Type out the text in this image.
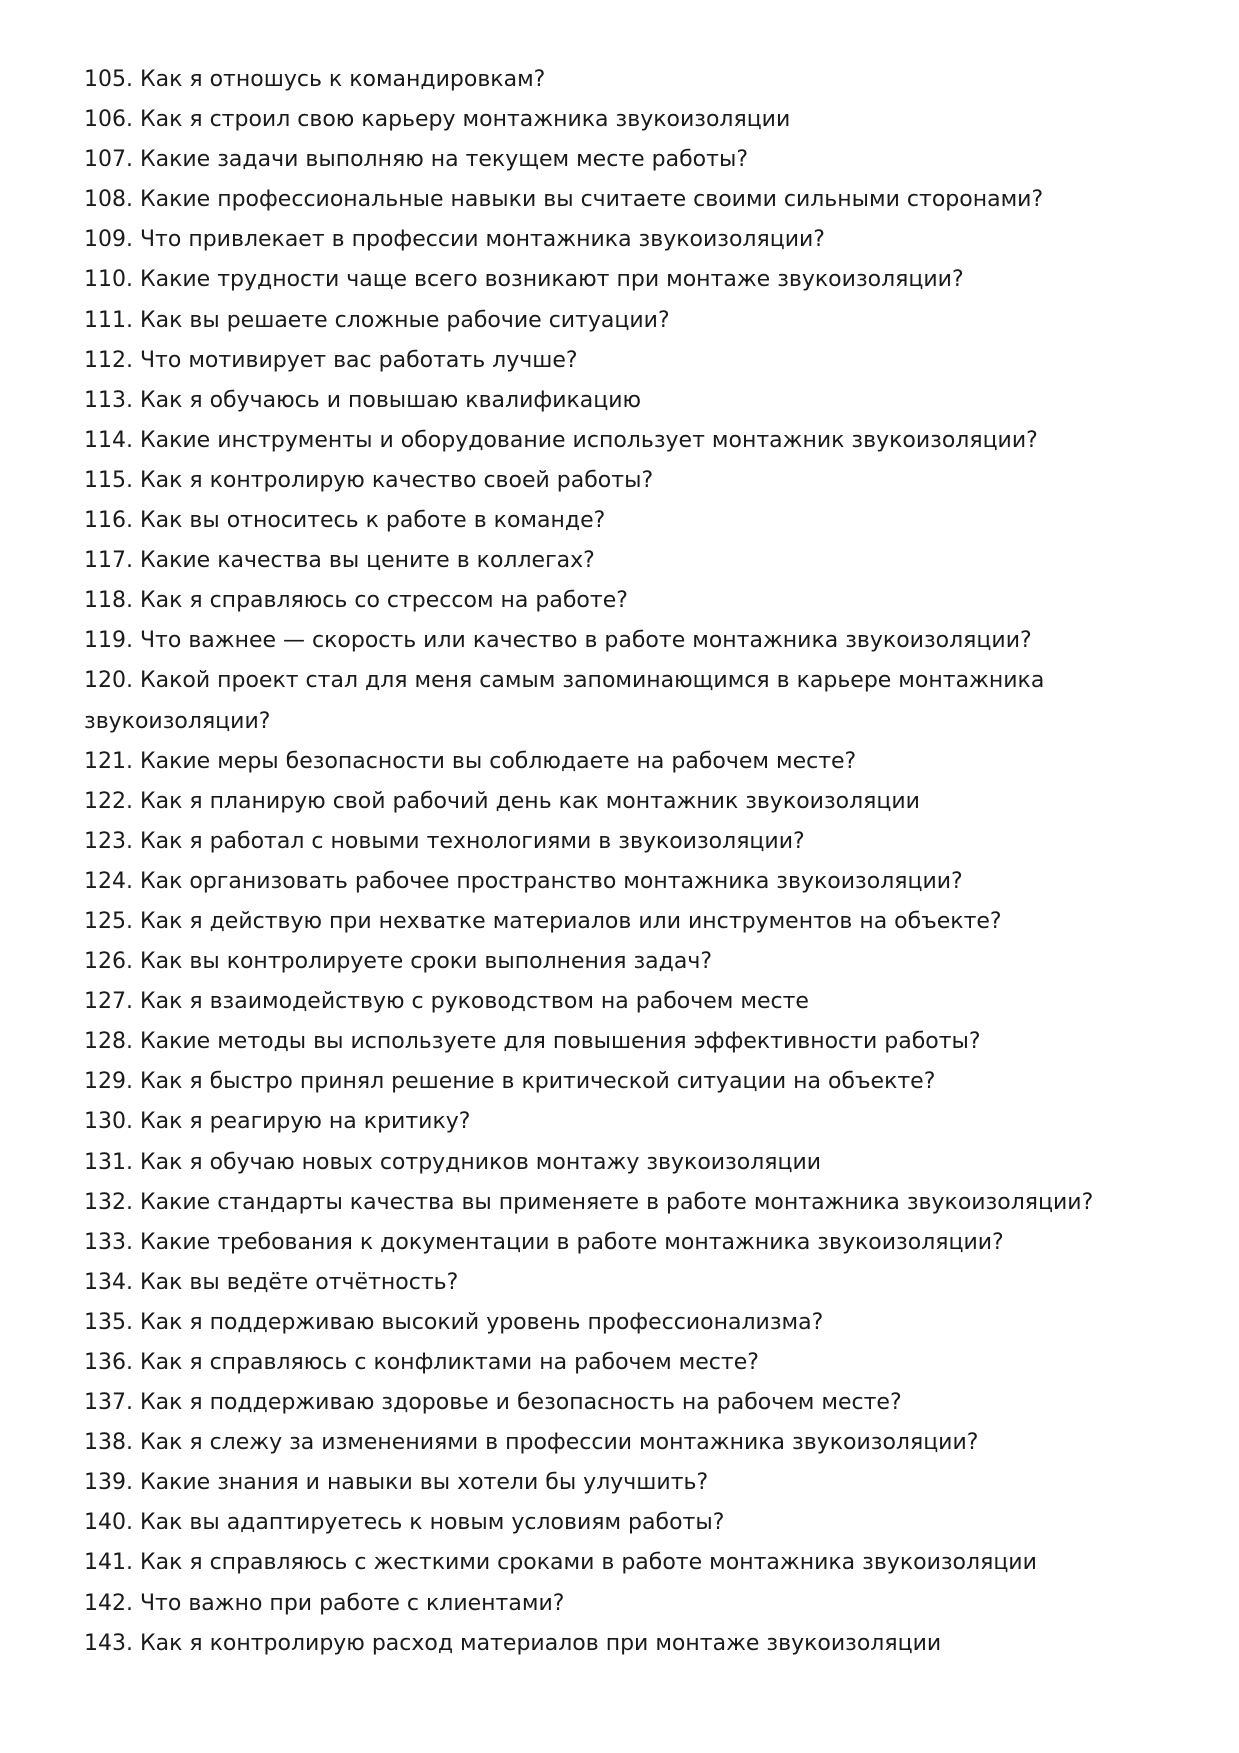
105. Как я отношусь к командировкам?

106. Как я строил свою карьеру монтажника звукоизоляции

107. Какие задачи выполняю на текущем месте работы?

108. Какие профессиональные навыки вы считаете своими сильными сторонами?

109. Что привлекает в профессии монтажника звукоизоляции?

110. Какие трудности чаще всего возникают при монтаже звукоизоляции?

111. Как вы решаете сложные рабочие ситуации?

112. Что мотивирует вас работать лучше?

113. Как я обучаюсь и повышаю квалификацию

114. Какие инструменты и оборудование использует монтажник звукоизоляции?

115. Как я контролирую качество своей работы?

116. Как вы относитесь к работе в команде?

117. Какие качества вы цените в коллегах?

118. Как я справляюсь со стрессом на работе?

119. Что важнее — скорость или качество в работе монтажника звукоизоляции?

120. Какой проект стал для меня самым запоминающимся в карьере монтажника звукоизоляции?

121. Какие меры безопасности вы соблюдаете на рабочем месте?

122. Как я планирую свой рабочий день как монтажник звукоизоляции

123. Как я работал с новыми технологиями в звукоизоляции?

124. Как организовать рабочее пространство монтажника звукоизоляции?

125. Как я действую при нехватке материалов или инструментов на объекте?

126. Как вы контролируете сроки выполнения задач?

127. Как я взаимодействую с руководством на рабочем месте

128. Какие методы вы используете для повышения эффективности работы?

129. Как я быстро принял решение в критической ситуации на объекте?

130. Как я реагирую на критику?

131. Как я обучаю новых сотрудников монтажу звукоизоляции

132. Какие стандарты качества вы применяете в работе монтажника звукоизоляции?

133. Какие требования к документации в работе монтажника звукоизоляции?

134. Как вы ведёте отчётность?

135. Как я поддерживаю высокий уровень профессионализма?

136. Как я справляюсь с конфликтами на рабочем месте?

137. Как я поддерживаю здоровье и безопасность на рабочем месте?

138. Как я слежу за изменениями в профессии монтажника звукоизоляции?

139. Какие знания и навыки вы хотели бы улучшить?

140. Как вы адаптируетесь к новым условиям работы?

141. Как я справляюсь с жесткими сроками в работе монтажника звукоизоляции

142. Что важно при работе с клиентами?

143. Как я контролирую расход материалов при монтаже звукоизоляции
